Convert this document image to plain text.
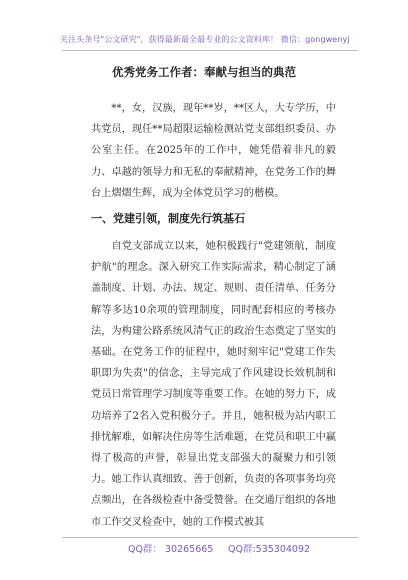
关注头条号"公文研究"，获得最新最全最专业的公文资料库！ 微信：gongwenyj
优秀党务工作者：奉献与担当的典范

**，女，汉族，现年**岁，**区人，大专学历，中共党员，现任**局超限运输检测站党支部组织委员、办公室主任。在2025年的工作中，她凭借着非凡的毅力、卓越的领导力和无私的奉献精神，在党务工作的舞台上熠熠生辉，成为全体党员学习的楷模。

一、党建引领，制度先行筑基石

自党支部成立以来，她积极践行"党建领航，制度护航"的理念。深入研究工作实际需求，精心制定了涵盖制度、计划、办法、规定、规则、责任清单、任务分解等多达10余项的管理制度，同时配套相应的考核办法，为构建公路系统风清气正的政治生态奠定了坚实的基础。在党务工作的征程中，她时刻牢记"党建工作失职即为失责"的信念，主导完成了作风建设长效机制和党员日常管理学习制度等重要工作。在她的努力下，成功培养了2名入党积极分子。并且，她积极为站内职工排忧解难，如解决住房等生活难题，在党员和职工中赢得了极高的声誉，彰显出党支部强大的凝聚力和引领力。她工作认真细致、善于创新，负责的各项事务均亮点频出，在各级检查中备受赞誉。在交通厅组织的各地市工作交叉检查中，她的工作模式被其

QQ群： 30265665 QQ群:535304092
